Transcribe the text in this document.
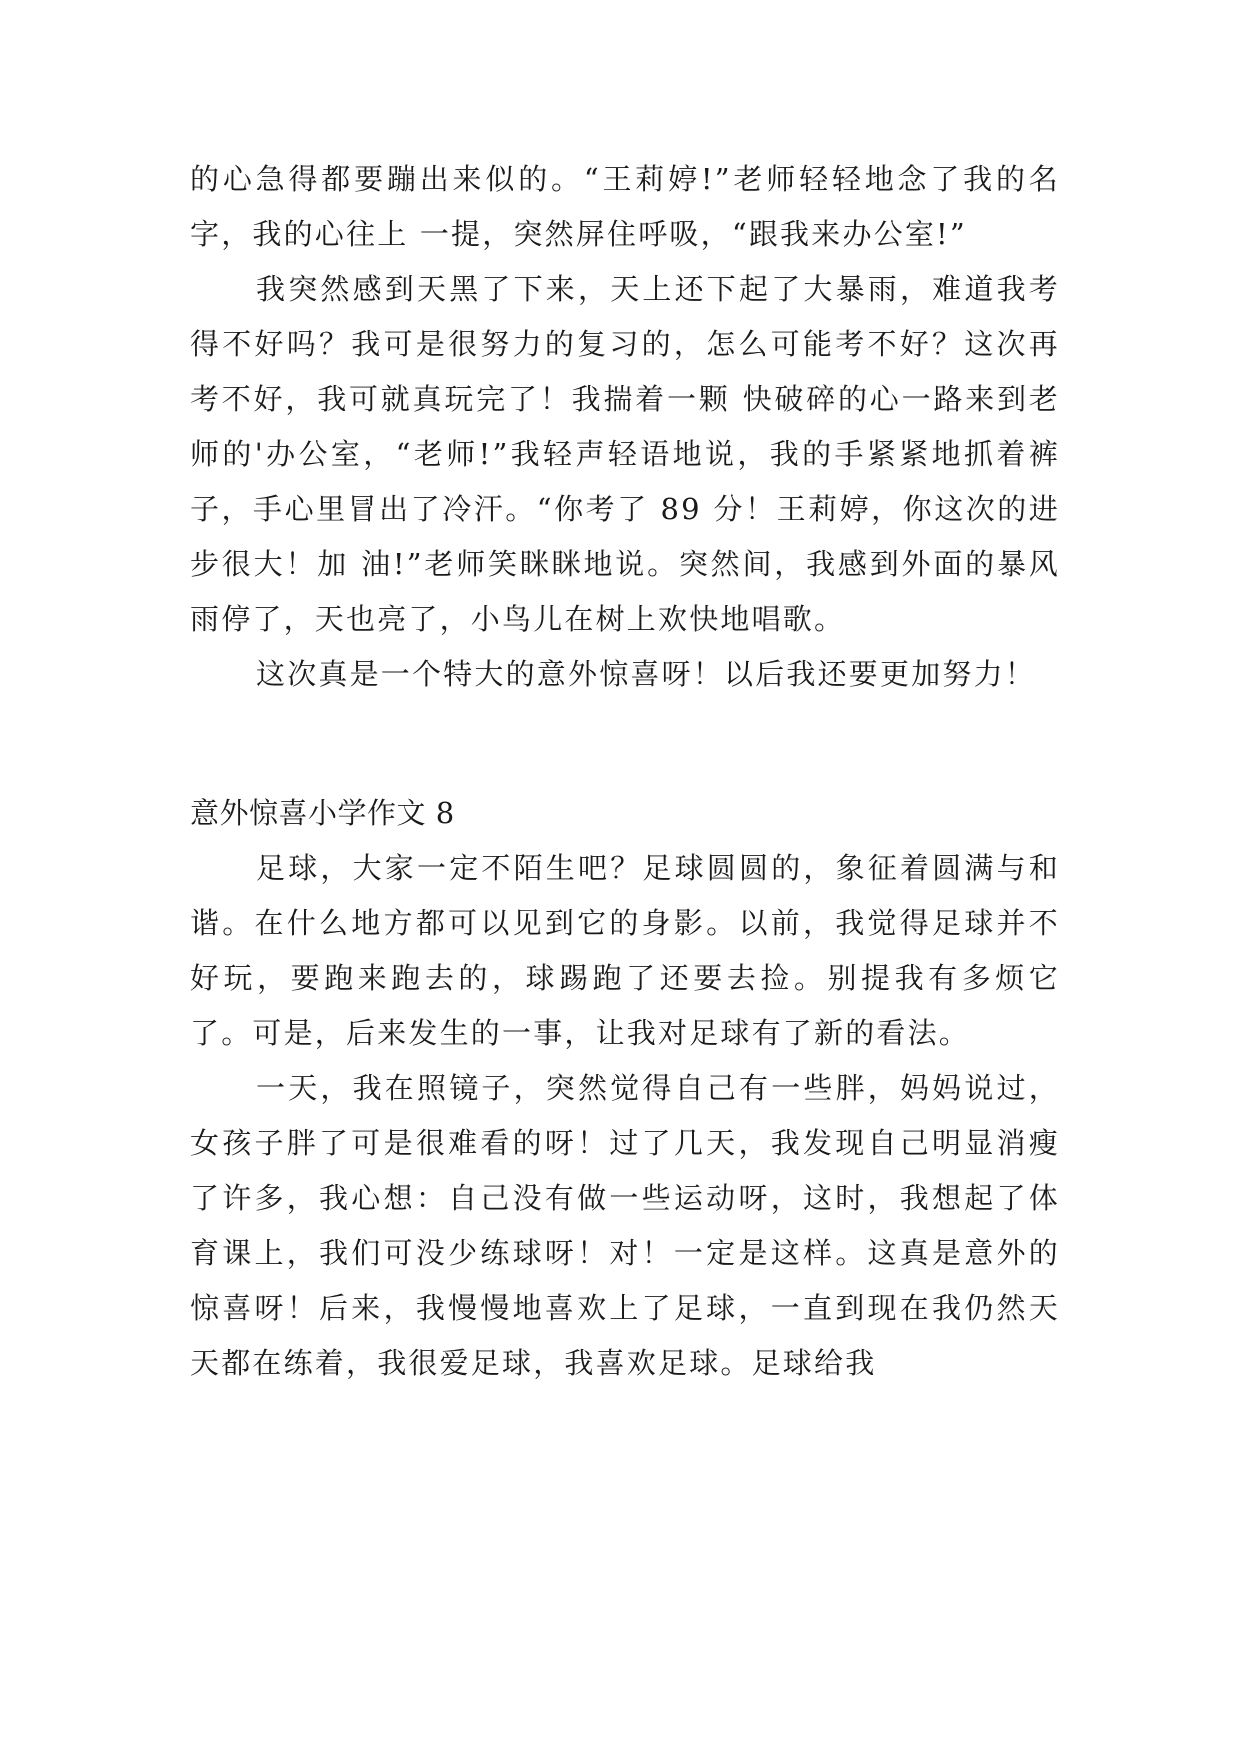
的心急得都要蹦出来似的。“王莉婷!”老师轻轻地念了我的名字，我的心往上 一提，突然屏住呼吸，“跟我来办公室!”

我突然感到天黑了下来，天上还下起了大暴雨，难道我考得不好吗？我可是很努力的复习的，怎么可能考不好？这次再考不好，我可就真玩完了！我揣着一颗 快破碎的心一路来到老师的'办公室，“老师!”我轻声轻语地说，我的手紧紧地抓着裤子，手心里冒出了冷汗。“你考了 89 分！王莉婷，你这次的进步很大！加 油!”老师笑眯眯地说。突然间，我感到外面的暴风雨停了，天也亮了，小鸟儿在树上欢快地唱歌。

这次真是一个特大的意外惊喜呀！以后我还要更加努力！

意外惊喜小学作文 8

足球，大家一定不陌生吧？足球圆圆的，象征着圆满与和谐。在什么地方都可以见到它的身影。以前，我觉得足球并不好玩，要跑来跑去的，球踢跑了还要去捡。别提我有多烦它了。可是，后来发生的一事，让我对足球有了新的看法。

一天，我在照镜子，突然觉得自己有一些胖，妈妈说过，女孩子胖了可是很难看的呀！过了几天，我发现自己明显消瘦了许多，我心想：自己没有做一些运动呀，这时，我想起了体育课上，我们可没少练球呀！对！一定是这样。这真是意外的惊喜呀！后来，我慢慢地喜欢上了足球，一直到现在我仍然天天都在练着，我很爱足球，我喜欢足球。足球给我
